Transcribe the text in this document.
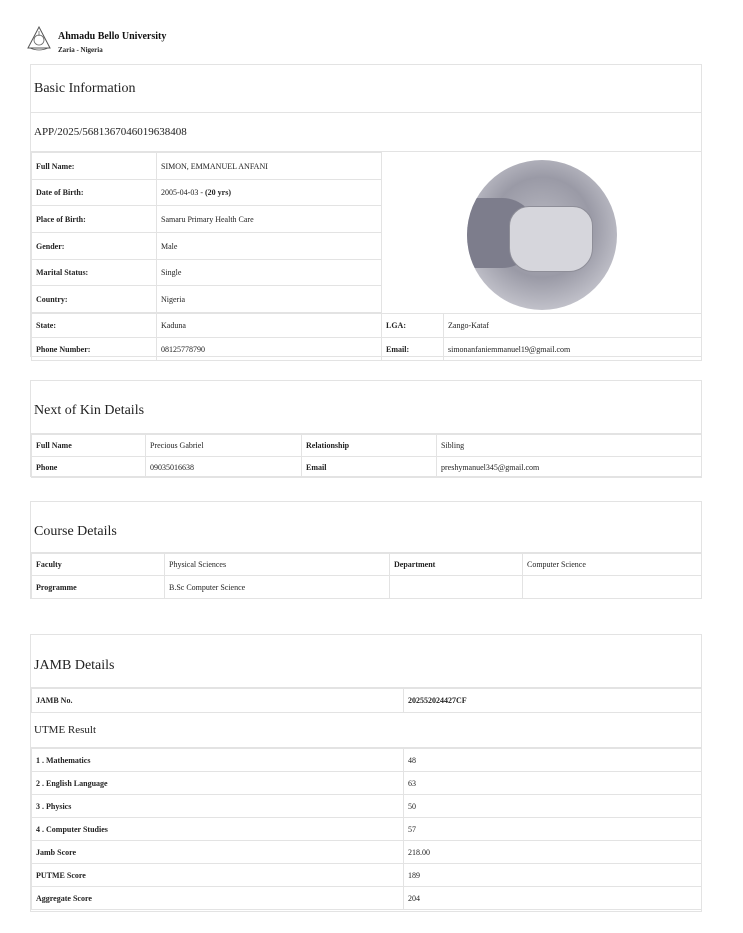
Ahmadu Bello University
Zaria - Nigeria
Basic Information
APP/2025/5681367046019638408
Full Name:	SIMON, EMMANUEL ANFANI
Date of Birth:	2005-04-03 - (20 yrs)
Place of Birth:	Samaru Primary Health Care
Gender:	Male
Marital Status:	Single
Country:	Nigeria
State:	Kaduna	LGA:	Zango-Kataf
Phone Number:	08125778790	Email:	simonanfaniemmanuel19@gmail.com
Next of Kin Details
Full Name	Precious Gabriel	Relationship	Sibling
Phone	09035016638	Email	preshymanuel345@gmail.com
Course Details
Faculty	Physical Sciences	Department	Computer Science
Programme	B.Sc Computer Science		
JAMB Details
JAMB No.	202552024427CF
UTME Result
1 . Mathematics	48
2 . English Language	63
3 . Physics	50
4 . Computer Studies	57
Jamb Score	218.00
PUTME Score	189
Aggregate Score	204
